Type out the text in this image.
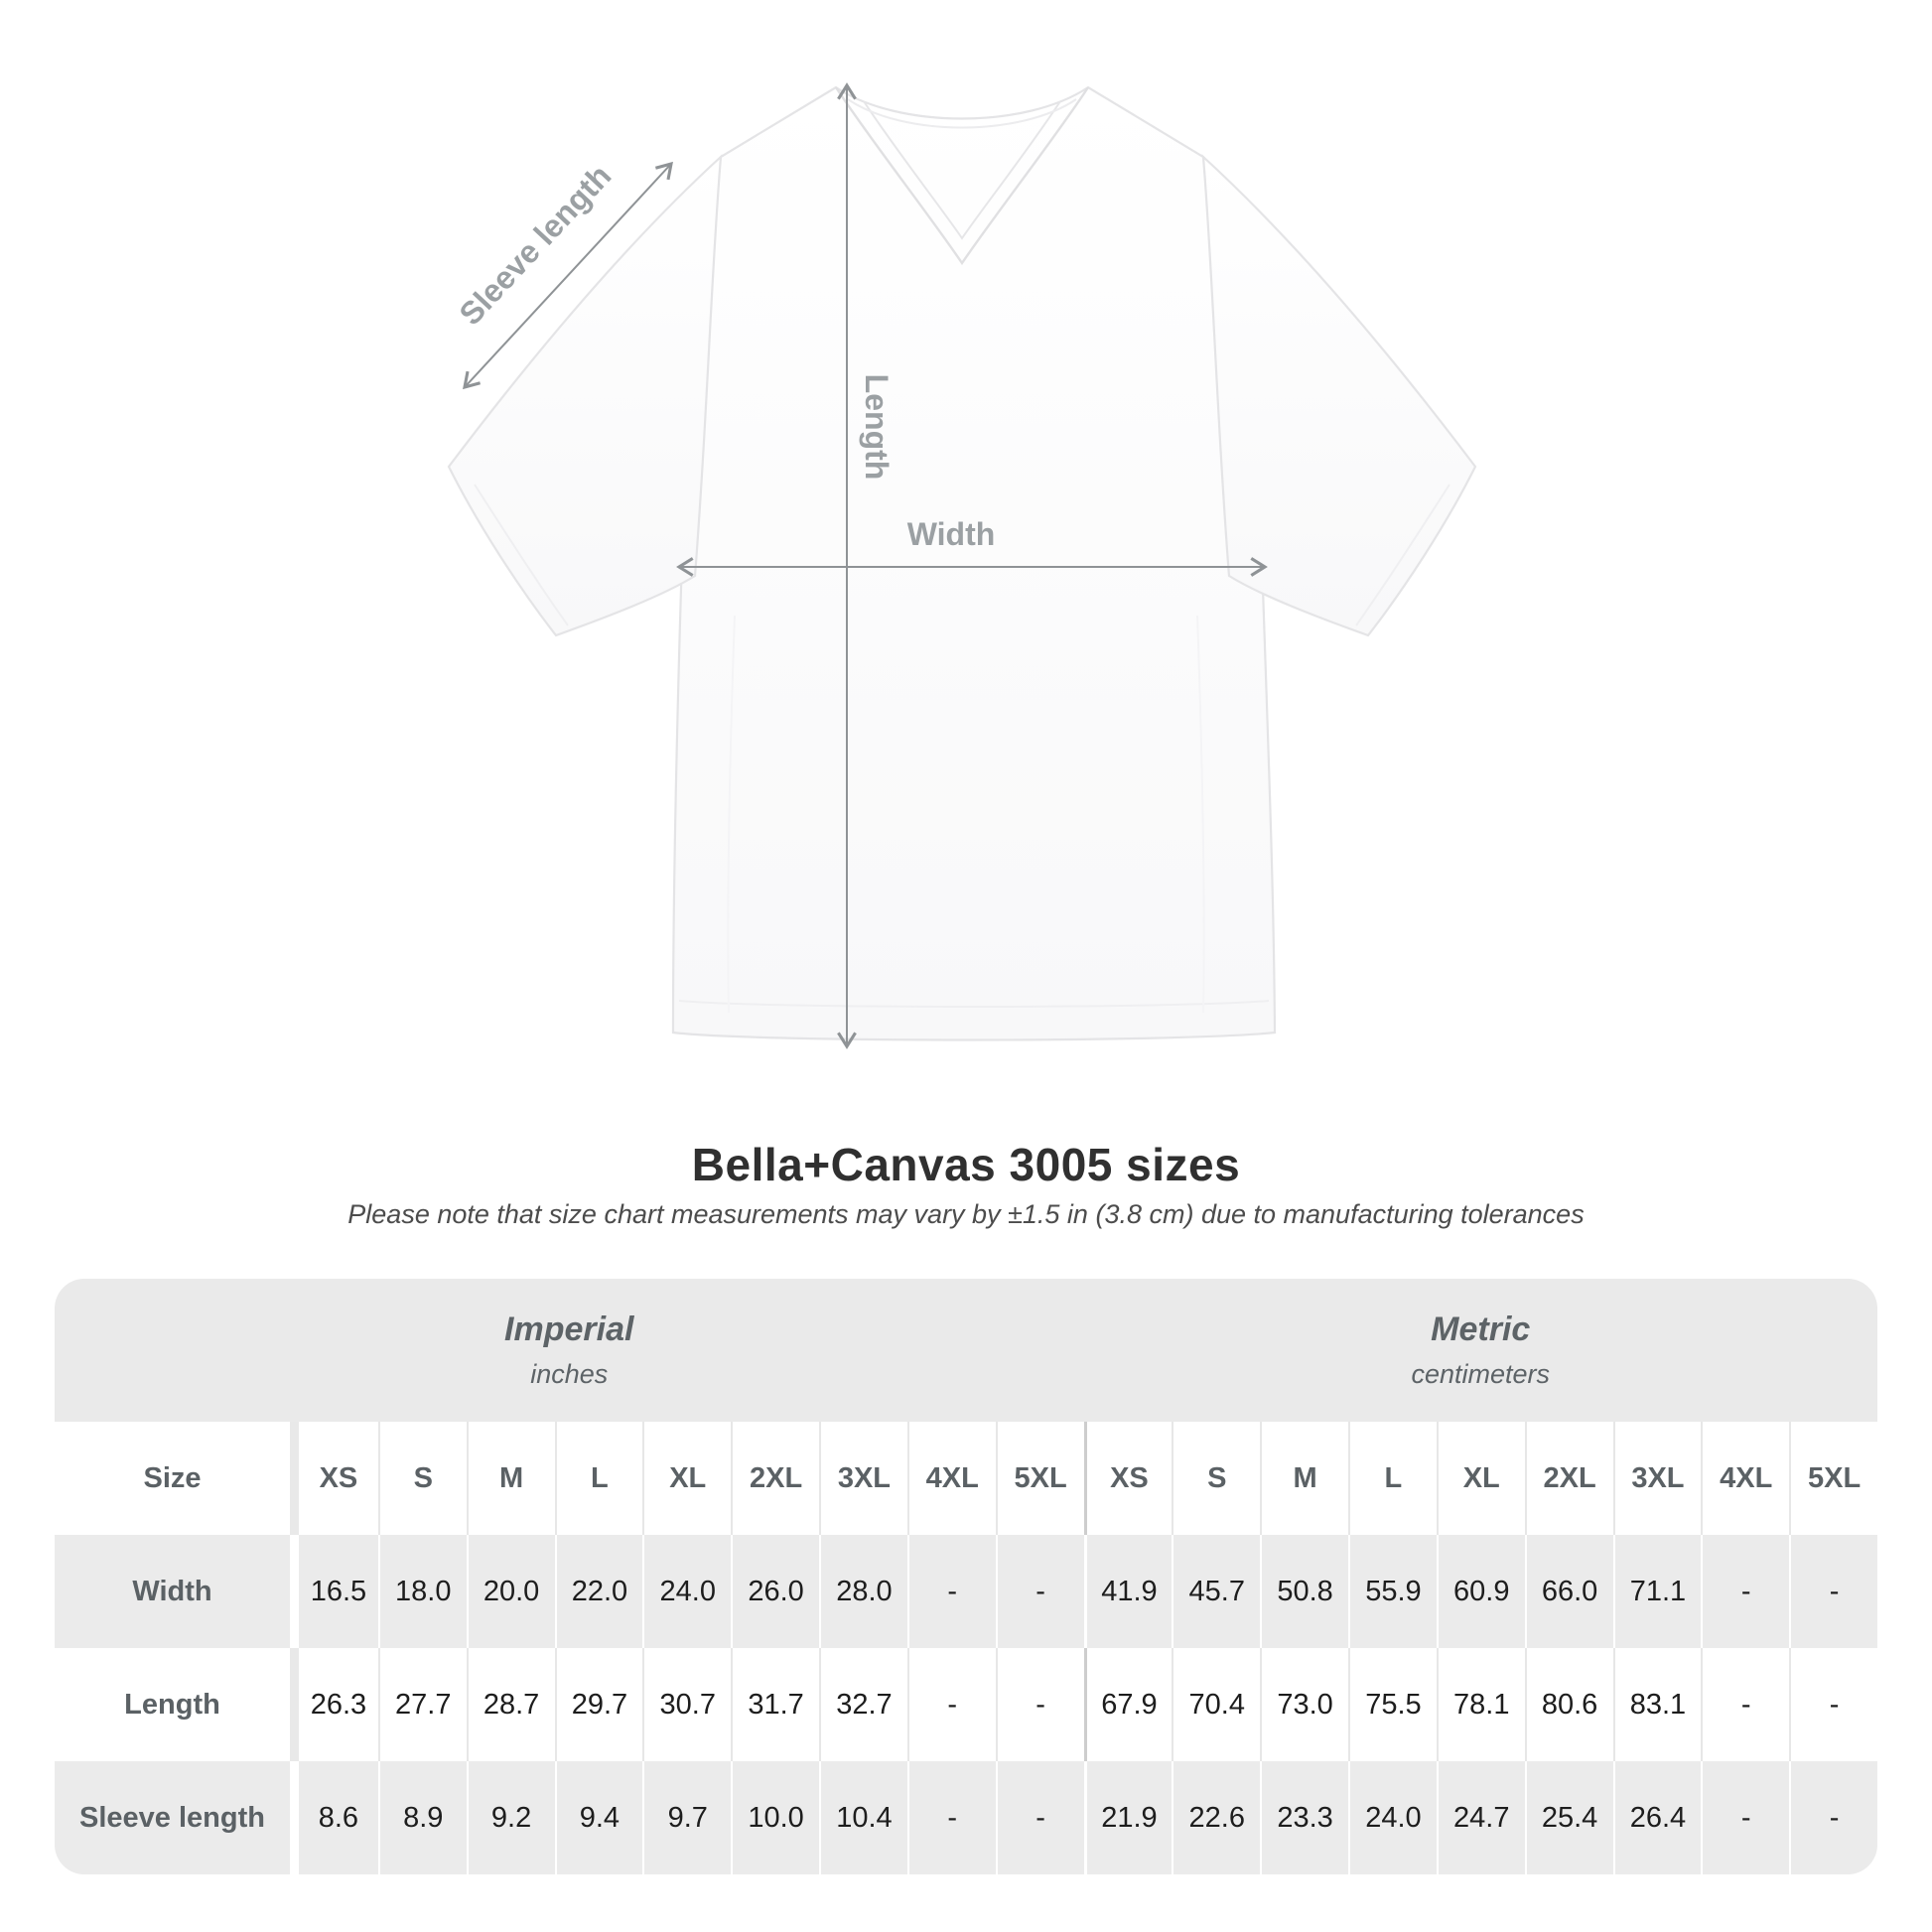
Sleeve length
Length
Width
Bella+Canvas 3005 sizes

Please note that size chart measurements may vary by ±1.5 in (3.8 cm) due to manufacturing tolerances

Imperial
inches
Metric
centimeters
Size	XS	S	M	L	XL	2XL	3XL	4XL	5XL	XS	S	M	L	XL	2XL	3XL	4XL	5XL
Width	16.5 18.0	20.0	22.0	24.0	26.0	28.0	-	-	41.9	45.7	50.8	55.9	60.9	66.0	71.1	-	-
Length	26.3 27.7	28.7	29.7	30.7	31.7	32.7	-	-	67.9	70.4	73.0	75.5	78.1	80.6	83.1	-	-
Sleeve length	8.6	8.9	9.2	9.4	9.7	10.0	10.4	-	-	21.9	22.6	23.3	24.0	24.7	25.4	26.4	-	-
